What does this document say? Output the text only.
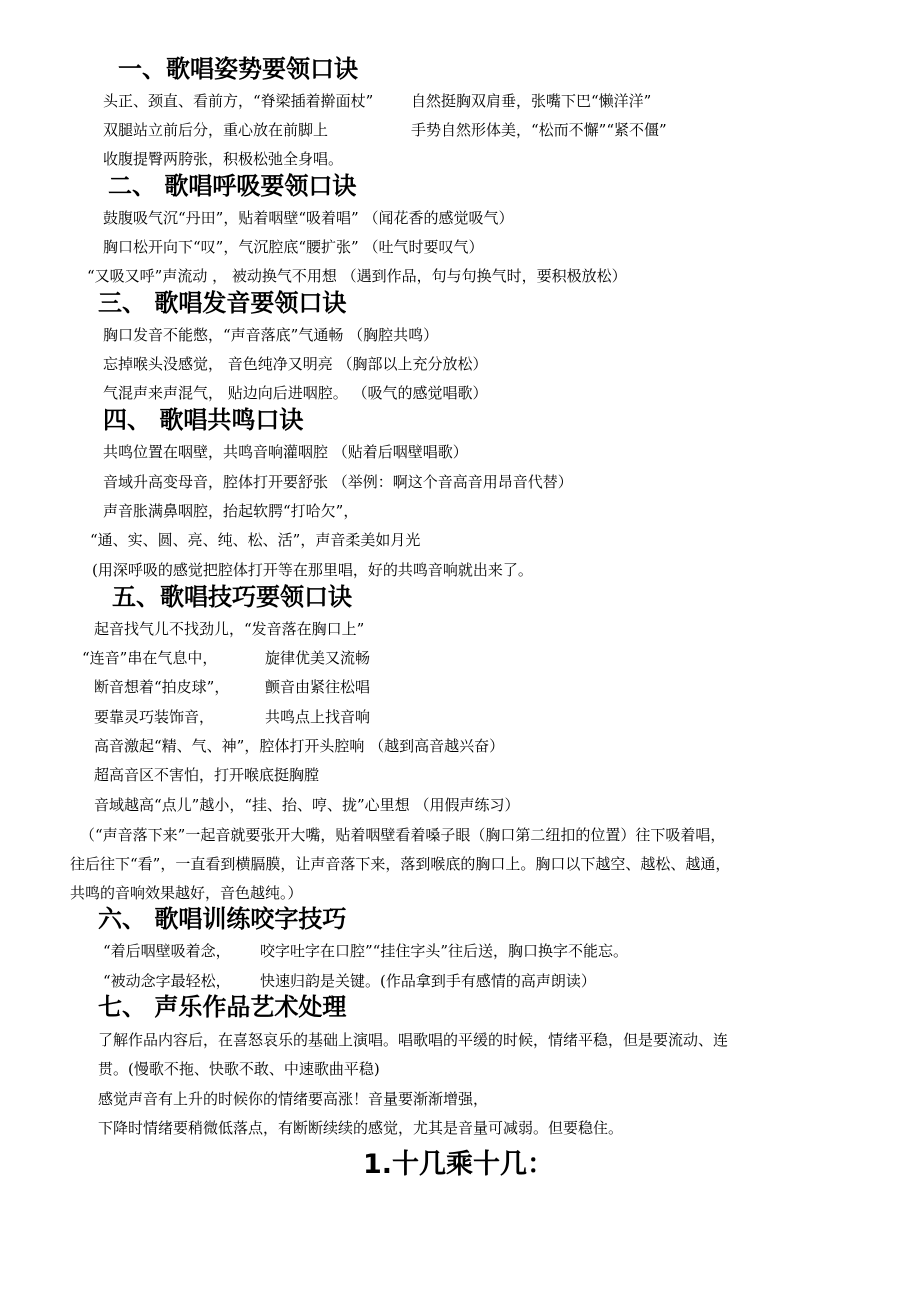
一、歌唱姿势要领口诀
头正、颈直、看前方，“脊梁插着擀面杖”	自然挺胸双肩垂，张嘴下巴“懒洋洋”
双腿站立前后分，重心放在前脚上	手势自然形体美，“松而不懈”“紧不僵”
收腹提臀两胯张，积极松弛全身唱。
二、 歌唱呼吸要领口诀
鼓腹吸气沉“丹田”，贴着咽壁“吸着唱” （闻花香的感觉吸气）
胸口松开向下“叹”，气沉腔底“腰扩张” （吐气时要叹气）
“又吸又呼”声流动 ， 被动换气不用想 （遇到作品，句与句换气时，要积极放松）
三、 歌唱发音要领口诀
胸口发音不能憋，“声音落底”气通畅 （胸腔共鸣）
忘掉喉头没感觉， 音色纯净又明亮 （胸部以上充分放松）
气混声来声混气， 贴边向后进咽腔。 （吸气的感觉唱歌）
四、 歌唱共鸣口诀
共鸣位置在咽壁，共鸣音响灌咽腔 （贴着后咽壁唱歌）
音域升高变母音，腔体打开要舒张 （举例：啊这个音高音用昂音代替）
声音胀满鼻咽腔，抬起软腭“打哈欠”，
“通、实、圆、亮、纯、松、活”，声音柔美如月光
(用深呼吸的感觉把腔体打开等在那里唱，好的共鸣音响就出来了。
五、歌唱技巧要领口诀
起音找气儿不找劲儿，“发音落在胸口上”
“连音”串在气息中，	旋律优美又流畅
断音想着“拍皮球”， 颤音由紧往松唱
要靠灵巧装饰音，	共鸣点上找音响
高音激起“精、气、神”，腔体打开头腔响 （越到高音越兴奋）
超高音区不害怕，打开喉底挺胸膛
音域越高“点儿”越小，“挂、抬、哼、拢”心里想 （用假声练习）
（“声音落下来”一起音就要张开大嘴，贴着咽壁看着嗓子眼（胸口第二纽扣的位置）往下吸着唱，
往后往下“看”，一直看到横膈膜，让声音落下来，落到喉底的胸口上。胸口以下越空、越松、越通，
共鸣的音响效果越好，音色越纯。）
六、 歌唱训练咬字技巧
“着后咽壁吸着念， 咬字吐字在口腔”“挂住字头”往后送，胸口换字不能忘。
“被动念字最轻松， 快速归韵是关键。(作品拿到手有感情的高声朗读）
七、 声乐作品艺术处理
了解作品内容后，在喜怒哀乐的基础上演唱。唱歌唱的平缓的时候，情绪平稳，但是要流动、连
贯。(慢歌不拖、快歌不敢、中速歌曲平稳)
感觉声音有上升的时候你的情绪要高涨！音量要渐渐增强，
下降时情绪要稍微低落点，有断断续续的感觉，尤其是音量可减弱。但要稳住。
1.十几乘十几：
